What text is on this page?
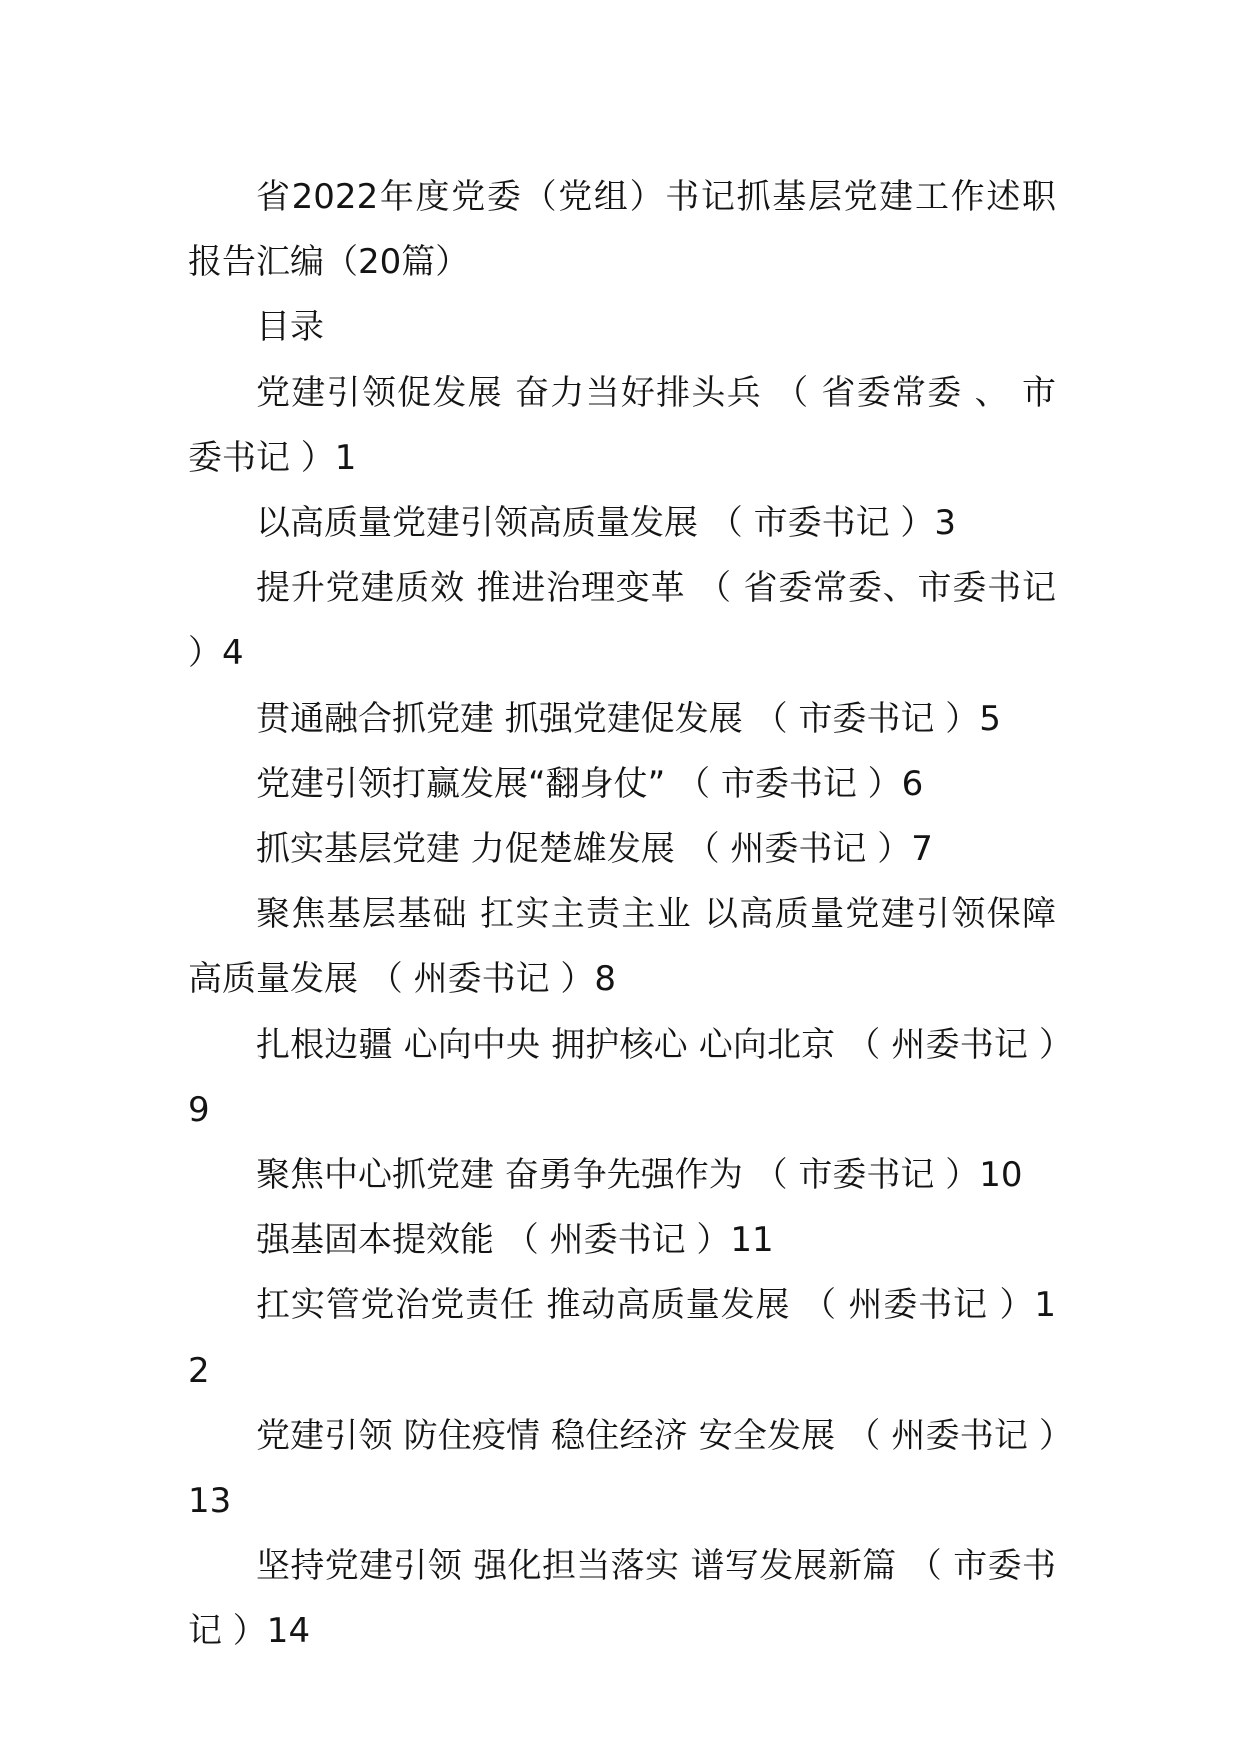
省2022年度党委（党组）书记抓基层党建工作述职报告汇编（20篇）

目录

党建引领促发展 奋力当好排头兵 （ 省委常委 、 市委书记 ）1

以高质量党建引领高质量发展 （ 市委书记 ）3

提升党建质效 推进治理变革 （ 省委常委、市委书记 ）4

贯通融合抓党建 抓强党建促发展 （ 市委书记 ）5

党建引领打赢发展“翻身仗” （ 市委书记 ）6

抓实基层党建 力促楚雄发展 （ 州委书记 ）7

聚焦基层基础 扛实主责主业 以高质量党建引领保障高质量发展 （ 州委书记 ）8

扎根边疆 心向中央 拥护核心 心向北京 （ 州委书记 ）9

聚焦中心抓党建 奋勇争先强作为 （ 市委书记 ）10

强基固本提效能 （ 州委书记 ）11

扛实管党治党责任 推动高质量发展 （ 州委书记 ）12

党建引领 防住疫情 稳住经济 安全发展 （ 州委书记 ）13

坚持党建引领 强化担当落实 谱写发展新篇 （ 市委书记 ）14
